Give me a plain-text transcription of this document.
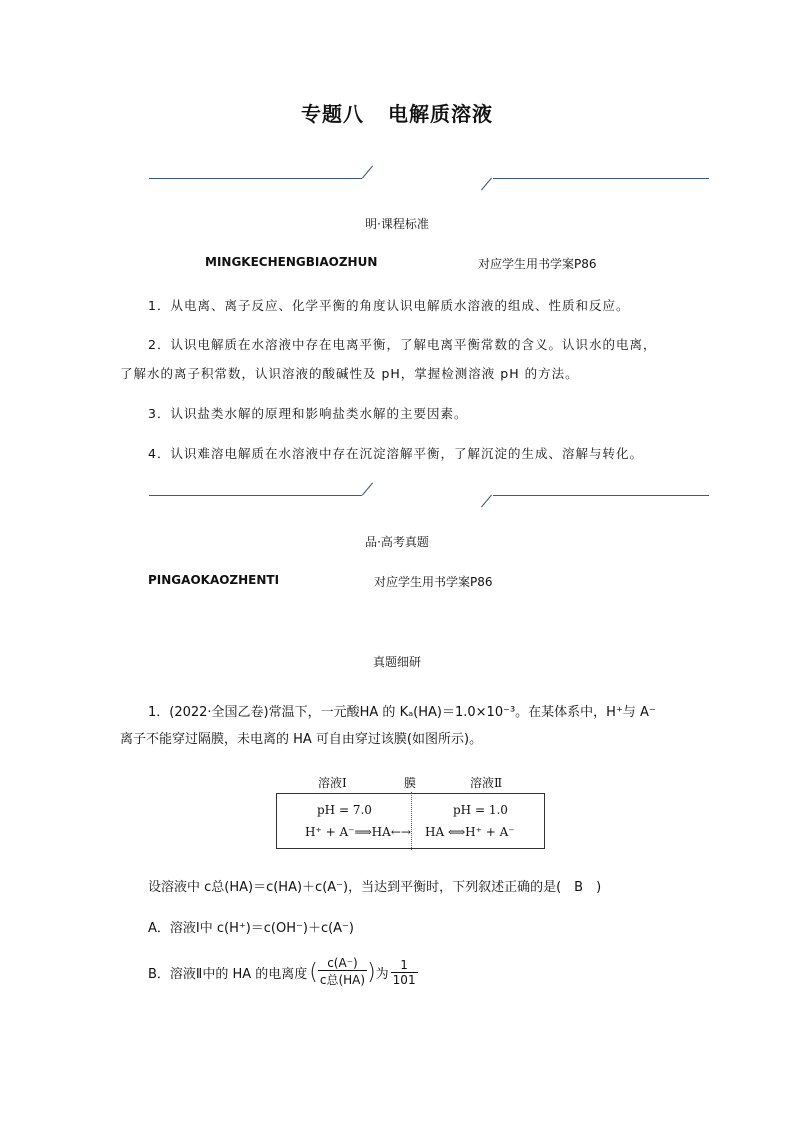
专题八 电解质溶液
明·课程标准
MINGKECHENGBIAOZHUN	对应学生用书学案P86
1．从电离、离子反应、化学平衡的角度认识电解质水溶液的组成、性质和反应。
2．认识电解质在水溶液中存在电离平衡，了解电离平衡常数的含义。认识水的电离，
了解水的离子积常数，认识溶液的酸碱性及 pH，掌握检测溶液 pH 的方法。
3．认识盐类水解的原理和影响盐类水解的主要因素。
4．认识难溶电解质在水溶液中存在沉淀溶解平衡，了解沉淀的生成、溶解与转化。
品·高考真题
PINGAOKAOZHENTI	对应学生用书学案P86
真题细研
1．(2022·全国乙卷)常温下，一元酸HA 的 Kₐ(HA)＝1.0×10⁻³。在某体系中，H⁺与 A⁻
离子不能穿过隔膜，未电离的 HA 可自由穿过该膜(如图所示)。
溶液Ⅰ	膜	溶液Ⅱ
pH = 7.0	pH = 1.0
H⁺ + A⁻⟹HA←→ HA ⟺H⁺ + A⁻
设溶液中 c总(HA)＝c(HA)＋c(A⁻)，当达到平衡时，下列叙述正确的是(　B　)
A．溶液Ⅰ中 c(H⁺)＝c(OH⁻)＋c(A⁻)
B．溶液Ⅱ中的 HA 的电离度 ( $\frac{c(A^-)}{\text{c总(HA)}}$ ) 为 $\frac{1}{101}$
